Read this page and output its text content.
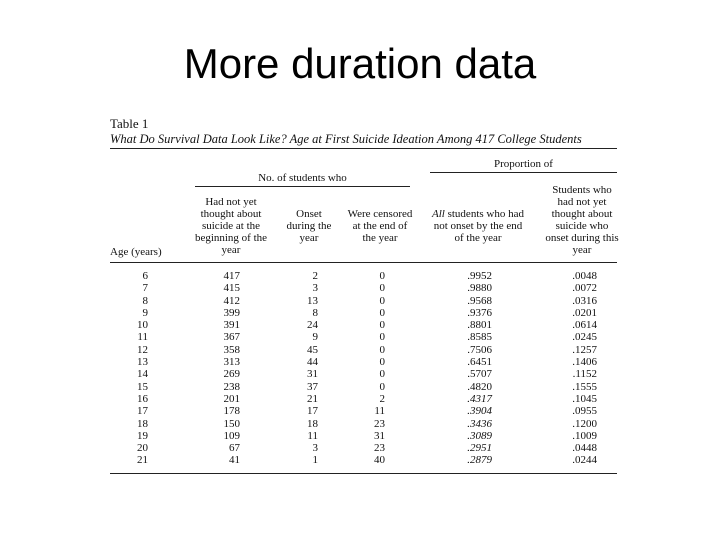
More duration data
Table 1
What Do Survival Data Look Like? Age at First Suicide Ideation Among 417 College Students
No. of students who
Proportion of
Had not yet thought about suicide at the beginning of the year
Onset during the year
Were censored at the end of the year
All students who had not onset by the end of the year
Students who had not yet thought about suicide who onset during this year
Age (years)
6
7
8
9
10
11
12
13
14
15
16
17
18
19
20
21
417
415
412
399
391
367
358
313
269
238
201
178
150
109
67
41
2
3
13
8
24
9
45
44
31
37
21
17
18
11
3
1
0
0
0
0
0
0
0
0
0
0
2
11
23
31
23
40
.9952
.9880
.9568
.9376
.8801
.8585
.7506
.6451
.5707
.4820
.4317
.3904
.3436
.3089
.2951
.2879
.0048
.0072
.0316
.0201
.0614
.0245
.1257
.1406
.1152
.1555
.1045
.0955
.1200
.1009
.0448
.0244
